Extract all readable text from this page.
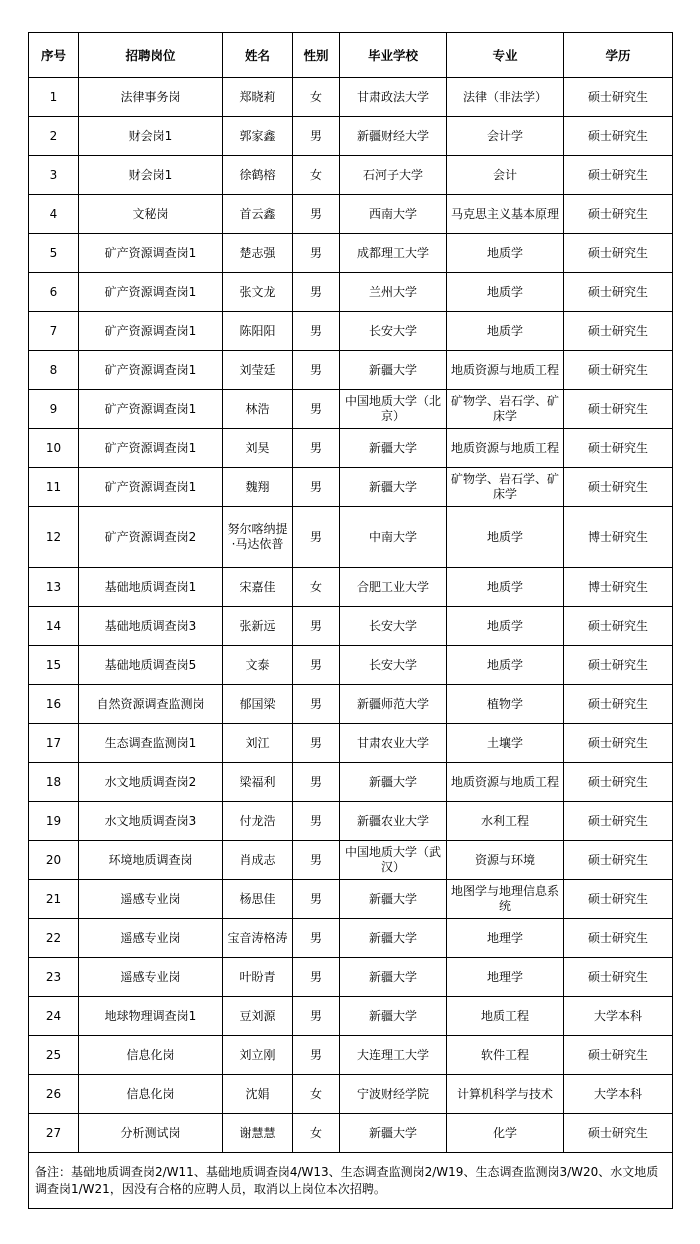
序号	招聘岗位	姓名	性别	毕业学校	专业	学历
1	法律事务岗	郑晓莉	女	甘肃政法大学	法律（非法学）	硕士研究生
2	财会岗1	郭家鑫	男	新疆财经大学	会计学	硕士研究生
3	财会岗1	徐鹤榕	女	石河子大学	会计	硕士研究生
4	文秘岗	首云鑫	男	西南大学	马克思主义基本原理	硕士研究生
5	矿产资源调查岗1	楚志强	男	成都理工大学	地质学	硕士研究生
6	矿产资源调查岗1	张文龙	男	兰州大学	地质学	硕士研究生
7	矿产资源调查岗1	陈阳阳	男	长安大学	地质学	硕士研究生
8	矿产资源调查岗1	刘莹廷	男	新疆大学	地质资源与地质工程	硕士研究生
9	矿产资源调查岗1	林浩	男	中国地质大学（北京）	矿物学、岩石学、矿床学	硕士研究生
10	矿产资源调查岗1	刘昊	男	新疆大学	地质资源与地质工程	硕士研究生
11	矿产资源调查岗1	魏翔	男	新疆大学	矿物学、岩石学、矿床学	硕士研究生
12	矿产资源调查岗2	努尔喀纳提·马达依普	男	中南大学	地质学	博士研究生
13	基础地质调查岗1	宋嘉佳	女	合肥工业大学	地质学	博士研究生
14	基础地质调查岗3	张新远	男	长安大学	地质学	硕士研究生
15	基础地质调查岗5	文泰	男	长安大学	地质学	硕士研究生
16	自然资源调查监测岗	郁国梁	男	新疆师范大学	植物学	硕士研究生
17	生态调查监测岗1	刘江	男	甘肃农业大学	土壤学	硕士研究生
18	水文地质调查岗2	梁福利	男	新疆大学	地质资源与地质工程	硕士研究生
19	水文地质调查岗3	付龙浩	男	新疆农业大学	水利工程	硕士研究生
20	环境地质调查岗	肖成志	男	中国地质大学（武汉）	资源与环境	硕士研究生
21	遥感专业岗	杨思佳	男	新疆大学	地图学与地理信息系统	硕士研究生
22	遥感专业岗	宝音涛格涛	男	新疆大学	地理学	硕士研究生
23	遥感专业岗	叶盼青	男	新疆大学	地理学	硕士研究生
24	地球物理调查岗1	豆刘源	男	新疆大学	地质工程	大学本科
25	信息化岗	刘立刚	男	大连理工大学	软件工程	硕士研究生
26	信息化岗	沈娟	女	宁波财经学院	计算机科学与技术	大学本科
27	分析测试岗	谢慧慧	女	新疆大学	化学	硕士研究生
备注：基础地质调查岗2/W11、基础地质调查岗4/W13、生态调查监测岗2/W19、生态调查监测岗3/W20、水文地质调查岗1/W21，因没有合格的应聘人员，取消以上岗位本次招聘。						
